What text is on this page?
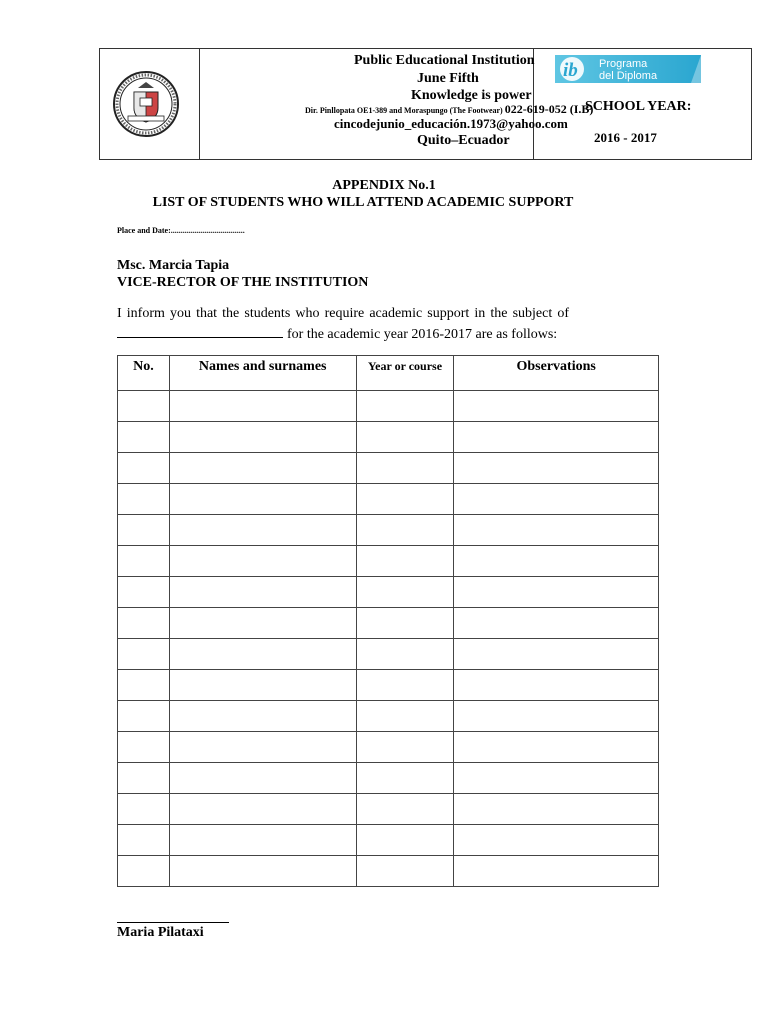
Public Educational Institution
June Fifth
Knowledge is power
Dir. Pinllopata OE1-389 and Moraspungo (The Footwear) 022-619-052 (I.B)
cincodejunio_educación.1973@yahoo.com
Quito–Ecuador
ib Programa
del Diploma
SCHOOL YEAR:
2016 - 2017
APPENDIX No.1
LIST OF STUDENTS WHO WILL ATTEND ACADEMIC SUPPORT
Place and Date:.....................................
Msc. Marcia Tapia
VICE-RECTOR OF THE INSTITUTION
I inform you that the students who require academic support in the subject of
for the academic year 2016-2017 are as follows:
No.	Names and surnames	Year or course	Observations

Maria Pilataxi
